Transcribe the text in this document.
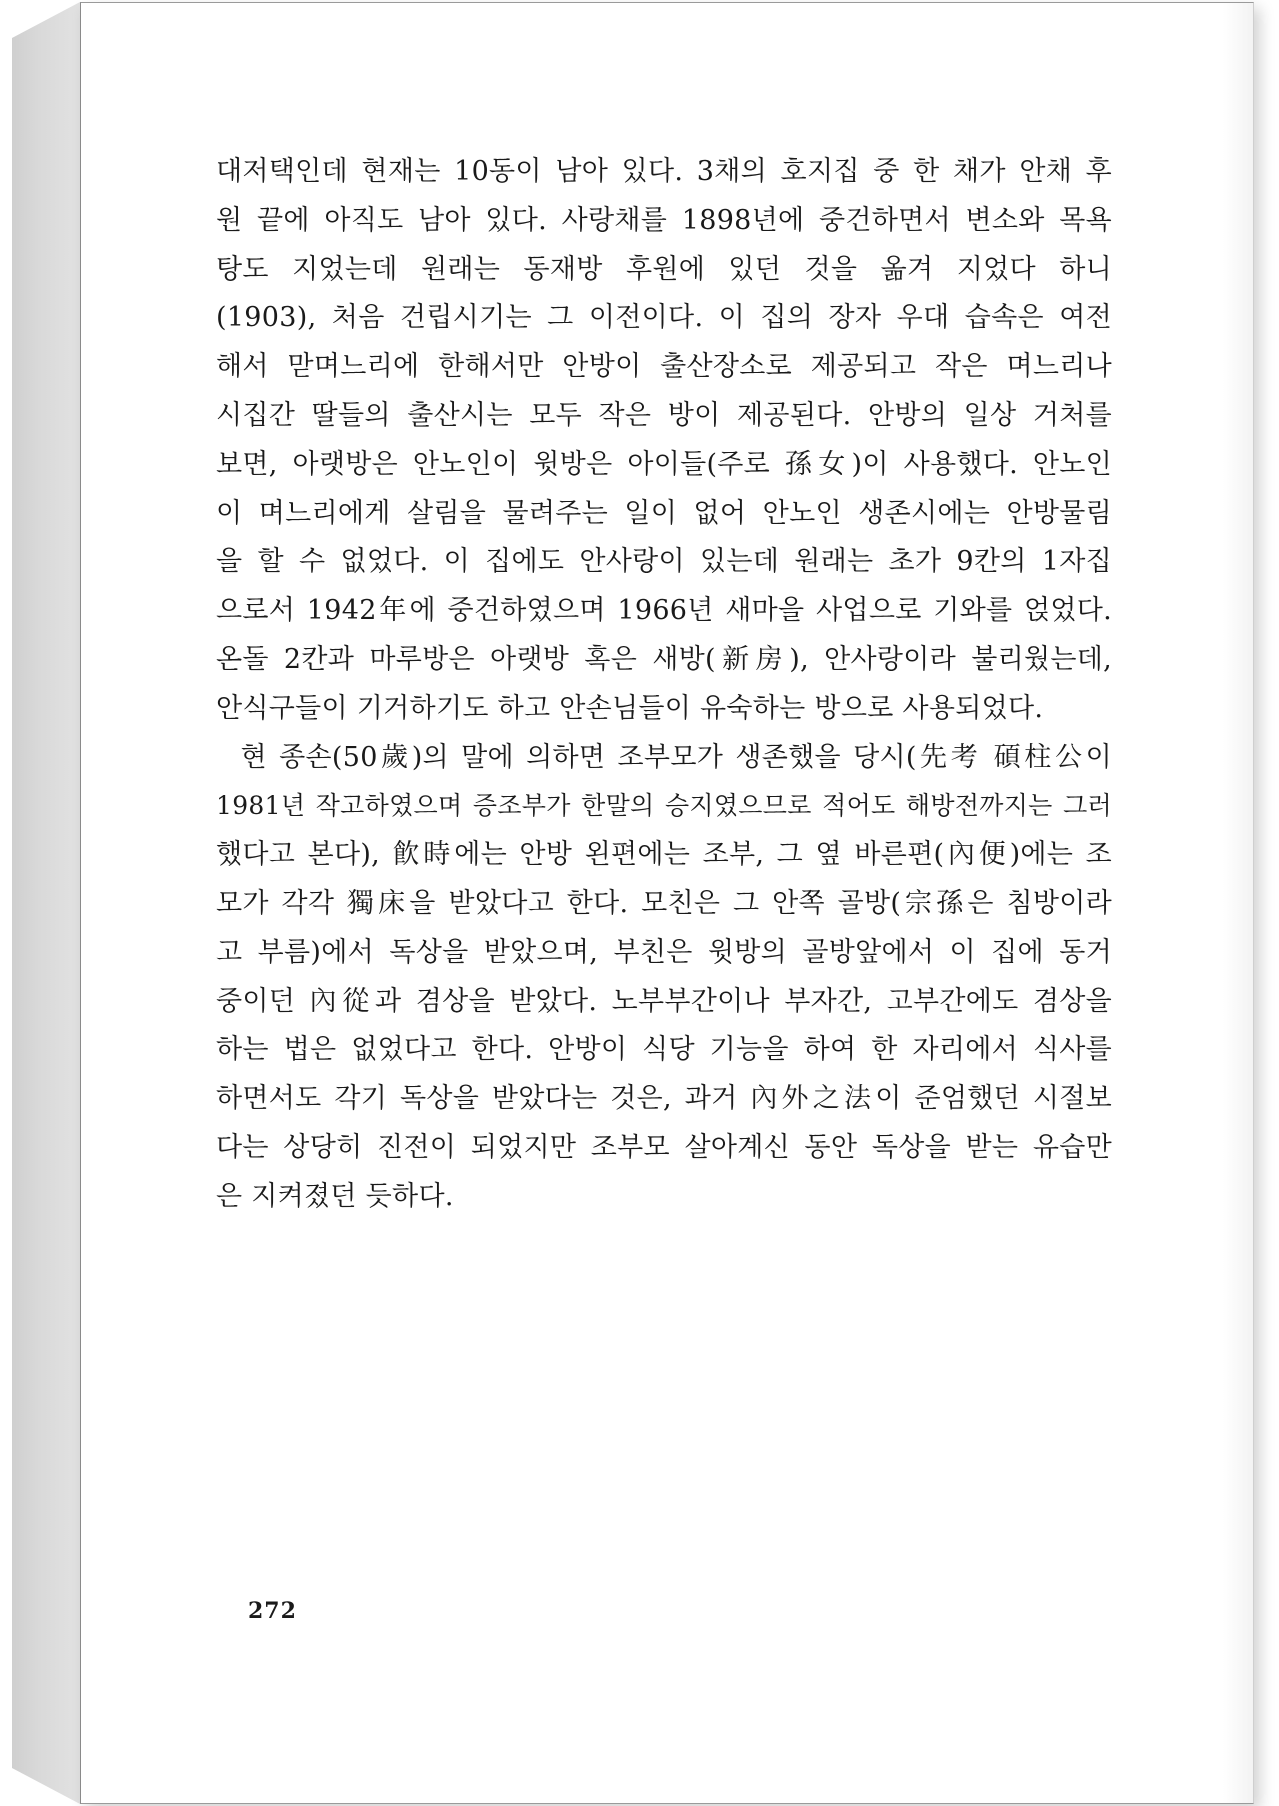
대저택인데 현재는 10동이 남아 있다. 3채의 호지집 중 한 채가 안채 후
원 끝에 아직도 남아 있다. 사랑채를 1898년에 중건하면서 변소와 목욕
탕도 지었는데 원래는 동재방 후원에 있던 것을 옮겨 지었다 하니
(1903), 처음 건립시기는 그 이전이다. 이 집의 장자 우대 습속은 여전
해서 맏며느리에 한해서만 안방이 출산장소로 제공되고 작은 며느리나
시집간 딸들의 출산시는 모두 작은 방이 제공된다. 안방의 일상 거처를
보면, 아랫방은 안노인이 윗방은 아이들(주로 孫女)이 사용했다. 안노인
이 며느리에게 살림을 물려주는 일이 없어 안노인 생존시에는 안방물림
을 할 수 없었다. 이 집에도 안사랑이 있는데 원래는 초가 9칸의 1자집
으로서 1942年에 중건하였으며 1966년 새마을 사업으로 기와를 얹었다.
온돌 2칸과 마루방은 아랫방 혹은 새방(新房), 안사랑이라 불리웠는데,
안식구들이 기거하기도 하고 안손님들이 유숙하는 방으로 사용되었다.
현 종손(50歲)의 말에 의하면 조부모가 생존했을 당시(先考 碩柱公이
1981년 작고하였으며 증조부가 한말의 승지였으므로 적어도 해방전까지는 그러
했다고 본다), 飮時에는 안방 왼편에는 조부, 그 옆 바른편(內便)에는 조
모가 각각 獨床을 받았다고 한다. 모친은 그 안쪽 골방(宗孫은 침방이라
고 부름)에서 독상을 받았으며, 부친은 윗방의 골방앞에서 이 집에 동거
중이던 內從과 겸상을 받았다. 노부부간이나 부자간, 고부간에도 겸상을
하는 법은 없었다고 한다. 안방이 식당 기능을 하여 한 자리에서 식사를
하면서도 각기 독상을 받았다는 것은, 과거 內外之法이 준엄했던 시절보
다는 상당히 진전이 되었지만 조부모 살아계신 동안 독상을 받는 유습만
은 지켜졌던 듯하다.
272
